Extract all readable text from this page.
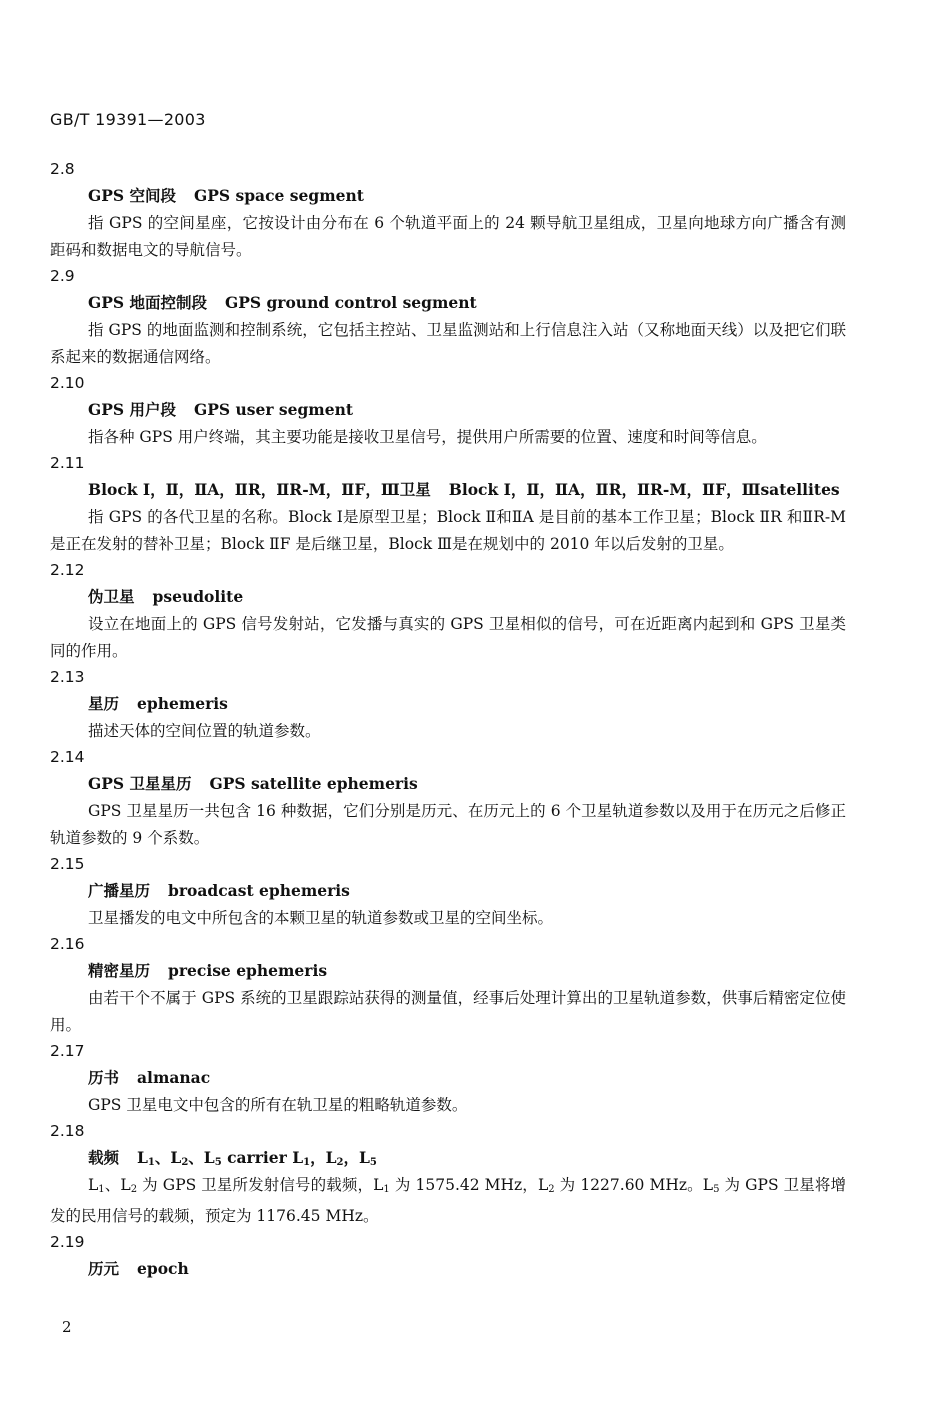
GB/T 19391—2003
2.8
GPS 空间段 GPS space segment

指 GPS 的空间星座，它按设计由分布在 6 个轨道平面上的 24 颗导航卫星组成，卫星向地球方向广播含有测距码和数据电文的导航信号。

2.9
GPS 地面控制段 GPS ground control segment

指 GPS 的地面监测和控制系统，它包括主控站、卫星监测站和上行信息注入站（又称地面天线）以及把它们联系起来的数据通信网络。

2.10
GPS 用户段 GPS user segment

指各种 GPS 用户终端，其主要功能是接收卫星信号，提供用户所需要的位置、速度和时间等信息。

2.11
Block Ⅰ，Ⅱ，ⅡA，ⅡR，ⅡR-M，ⅡF，Ⅲ卫星 Block Ⅰ，Ⅱ，ⅡA，ⅡR，ⅡR-M，ⅡF，Ⅲsatellites

指 GPS 的各代卫星的名称。Block Ⅰ是原型卫星；Block Ⅱ和ⅡA 是目前的基本工作卫星；Block ⅡR 和ⅡR-M 是正在发射的替补卫星；Block ⅡF 是后继卫星，Block Ⅲ是在规划中的 2010 年以后发射的卫星。

2.12
伪卫星 pseudolite

设立在地面上的 GPS 信号发射站，它发播与真实的 GPS 卫星相似的信号，可在近距离内起到和 GPS 卫星类同的作用。

2.13
星历 ephemeris

描述天体的空间位置的轨道参数。

2.14
GPS 卫星星历 GPS satellite ephemeris

GPS 卫星星历一共包含 16 种数据，它们分别是历元、在历元上的 6 个卫星轨道参数以及用于在历元之后修正轨道参数的 9 个系数。

2.15
广播星历 broadcast ephemeris

卫星播发的电文中所包含的本颗卫星的轨道参数或卫星的空间坐标。

2.16
精密星历 precise ephemeris

由若干个不属于 GPS 系统的卫星跟踪站获得的测量值，经事后处理计算出的卫星轨道参数，供事后精密定位使用。

2.17
历书 almanac

GPS 卫星电文中包含的所有在轨卫星的粗略轨道参数。

2.18
载频 $L_1$、$L_2$、$L_5$ carrier $L_1$，$L_2$，$L_5$

$L_1$、$L_2$ 为 GPS 卫星所发射信号的载频，$L_1$ 为 1575.42 MHz，$L_2$ 为 1227.60 MHz。$L_5$ 为 GPS 卫星将增发的民用信号的载频，预定为 1176.45 MHz。

2.19
历元 epoch
2
